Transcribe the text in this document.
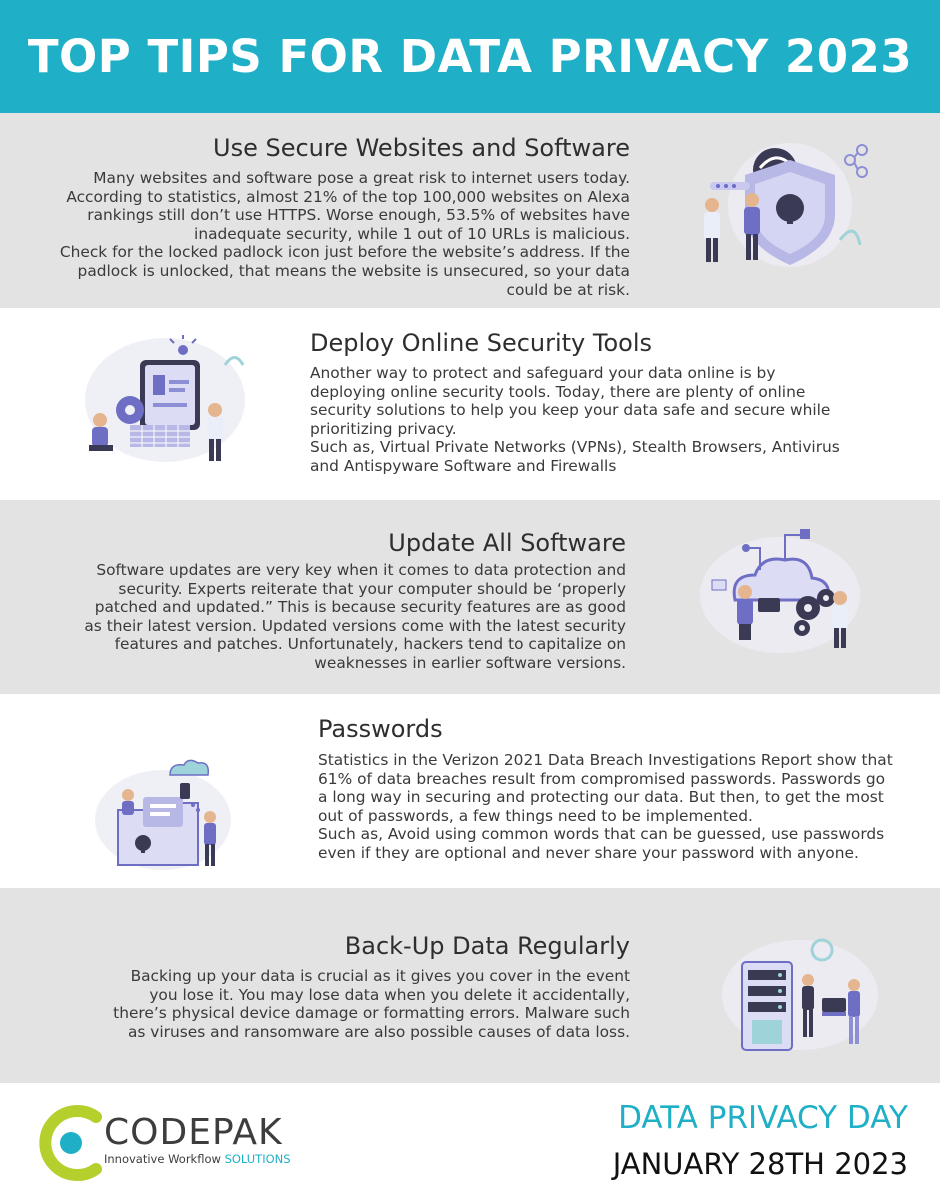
TOP TIPS FOR DATA PRIVACY 2023
Use Secure Websites and Software

Many websites and software pose a great risk to internet users today.

According to statistics, almost 21% of the top 100,000 websites on Alexa

rankings still don’t use HTTPS. Worse enough, 53.5% of websites have

inadequate security, while 1 out of 10 URLs is malicious.

Check for the locked padlock icon just before the website’s address. If the

padlock is unlocked, that means the website is unsecured, so your data

could be at risk.

Deploy Online Security Tools

Another way to protect and safeguard your data online is by

deploying online security tools. Today, there are plenty of online

security solutions to help you keep your data safe and secure while

prioritizing privacy.

Such as, Virtual Private Networks (VPNs), Stealth Browsers, Antivirus

and Antispyware Software and Firewalls

Update All Software

Software updates are very key when it comes to data protection and

security. Experts reiterate that your computer should be ‘properly

patched and updated.” This is because security features are as good

as their latest version. Updated versions come with the latest security

features and patches. Unfortunately, hackers tend to capitalize on

weaknesses in earlier software versions.

Passwords

Statistics in the Verizon 2021 Data Breach Investigations Report show that

61% of data breaches result from compromised passwords. Passwords go

a long way in securing and protecting our data. But then, to get the most

out of passwords, a few things need to be implemented.

Such as, Avoid using common words that can be guessed, use passwords

even if they are optional and never share your password with anyone.

Back-Up Data Regularly

Backing up your data is crucial as it gives you cover in the event

you lose it. You may lose data when you delete it accidentally,

there’s physical device damage or formatting errors. Malware such

as viruses and ransomware are also possible causes of data loss.

CODEPAK
Innovative Workflow SOLUTIONS
DATA PRIVACY DAY
JANUARY 28TH 2023
